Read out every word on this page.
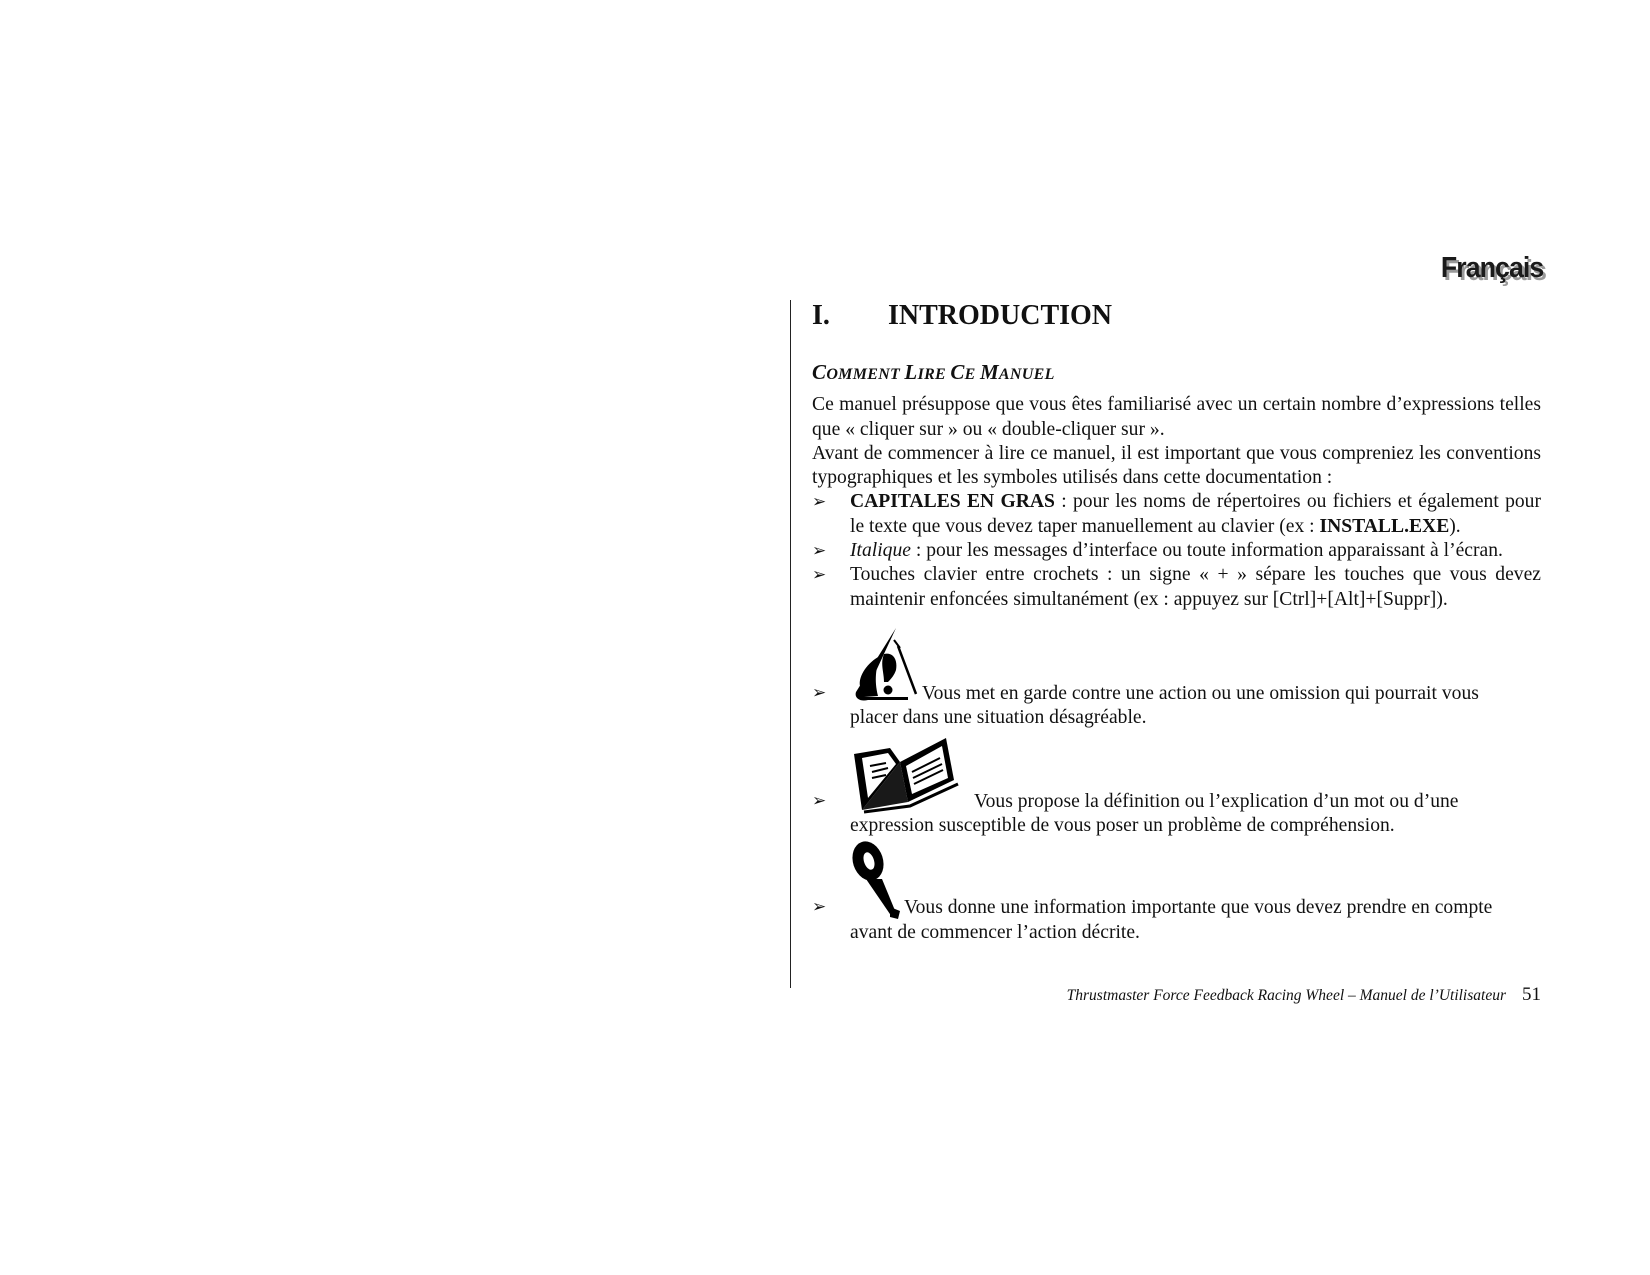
Français
I.	INTRODUCTION
COMMENT LIRE CE MANUEL

Ce manuel présuppose que vous êtes familiarisé avec un certain nombre d’expressions telles que « cliquer sur » ou « double-cliquer sur ».

Avant de commencer à lire ce manuel, il est important que vous compreniez les conventions typographiques et les symboles utilisés dans cette documentation :

➢ CAPITALES EN GRAS : pour les noms de répertoires ou fichiers et également pour le texte que vous devez taper manuellement au clavier (ex : INSTALL.EXE).
➢ Italique : pour les messages d’interface ou toute information apparaissant à l’écran.
➢ Touches clavier entre crochets : un signe « + » sépare les touches que vous devez maintenir enfoncées simultanément (ex : appuyez sur [Ctrl]+[Alt]+[Suppr]).
➢	Vous met en garde contre une action ou une omission qui pourrait vous
placer dans une situation désagréable.
➢	Vous propose la définition ou l’explication d’un mot ou d’une
expression susceptible de vous poser un problème de compréhension.
➢	Vous donne une information importante que vous devez prendre en compte
avant de commencer l’action décrite.
Thrustmaster Force Feedback Racing Wheel – Manuel de l’Utilisateur 51
